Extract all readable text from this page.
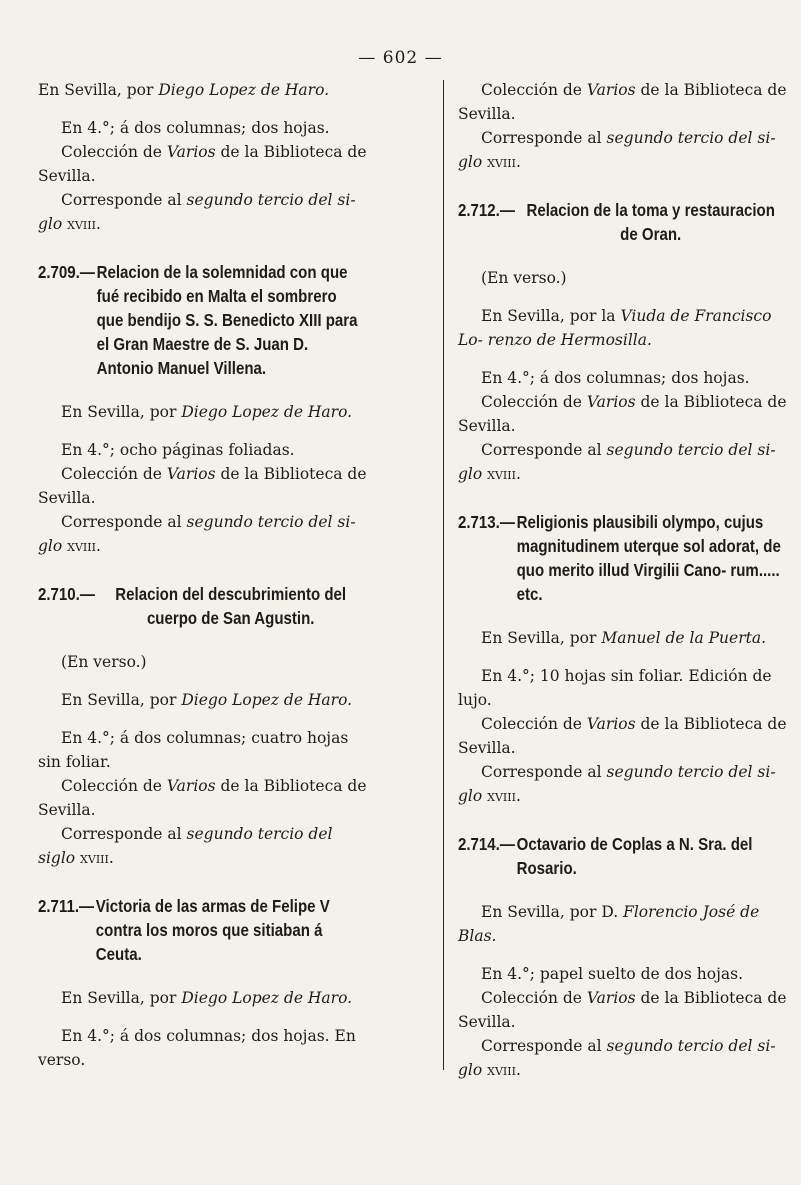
— 602 —

En Sevilla, por Diego Lopez de Haro.

En 4.°; á dos columnas; dos hojas.

Colección de Varios de la Biblioteca de Sevilla.

Corresponde al segundo tercio del si- glo xviii.

2.709.— Relacion de la solemnidad con que fué recibido en Malta el sombrero que bendijo S. S. Benedicto XIII para el Gran Maestre de S. Juan D. Antonio Manuel Villena.

En Sevilla, por Diego Lopez de Haro.

En 4.°; ocho páginas foliadas.

Colección de Varios de la Biblioteca de Sevilla.

Corresponde al segundo tercio del si- glo xviii.

2.710.—	Relacion del descubrimiento del cuerpo de San Agustin.

(En verso.)

En Sevilla, por Diego Lopez de Haro.

En 4.°; á dos columnas; cuatro hojas sin foliar.

Colección de Varios de la Biblioteca de Sevilla.

Corresponde al segundo tercio del siglo xviii.

2.711.— Victoria de las armas de Felipe V contra los moros que sitiaban á Ceuta.

En Sevilla, por Diego Lopez de Haro.

En 4.°; á dos columnas; dos hojas. En verso.

Colección de Varios de la Biblioteca de Sevilla.

Corresponde al segundo tercio del si- glo xviii.

2.712.— Relacion de la toma y restauracion de Oran.

(En verso.)

En Sevilla, por la Viuda de Francisco Lo- renzo de Hermosilla.

En 4.°; á dos columnas; dos hojas.

Colección de Varios de la Biblioteca de Sevilla.

Corresponde al segundo tercio del si- glo xviii.

2.713.— Religionis plausibili olympo, cujus magnitudinem uterque sol adorat, de quo merito illud Virgilii Cano- rum..... etc.

En Sevilla, por Manuel de la Puerta.

En 4.°; 10 hojas sin foliar. Edición de lujo.

Colección de Varios de la Biblioteca de Sevilla.

Corresponde al segundo tercio del si- glo xviii.

2.714.— Octavario de Coplas a N. Sra. del Rosario.

En Sevilla, por D. Florencio José de Blas.

En 4.°; papel suelto de dos hojas.

Colección de Varios de la Biblioteca de Sevilla.

Corresponde al segundo tercio del si- glo xviii.
